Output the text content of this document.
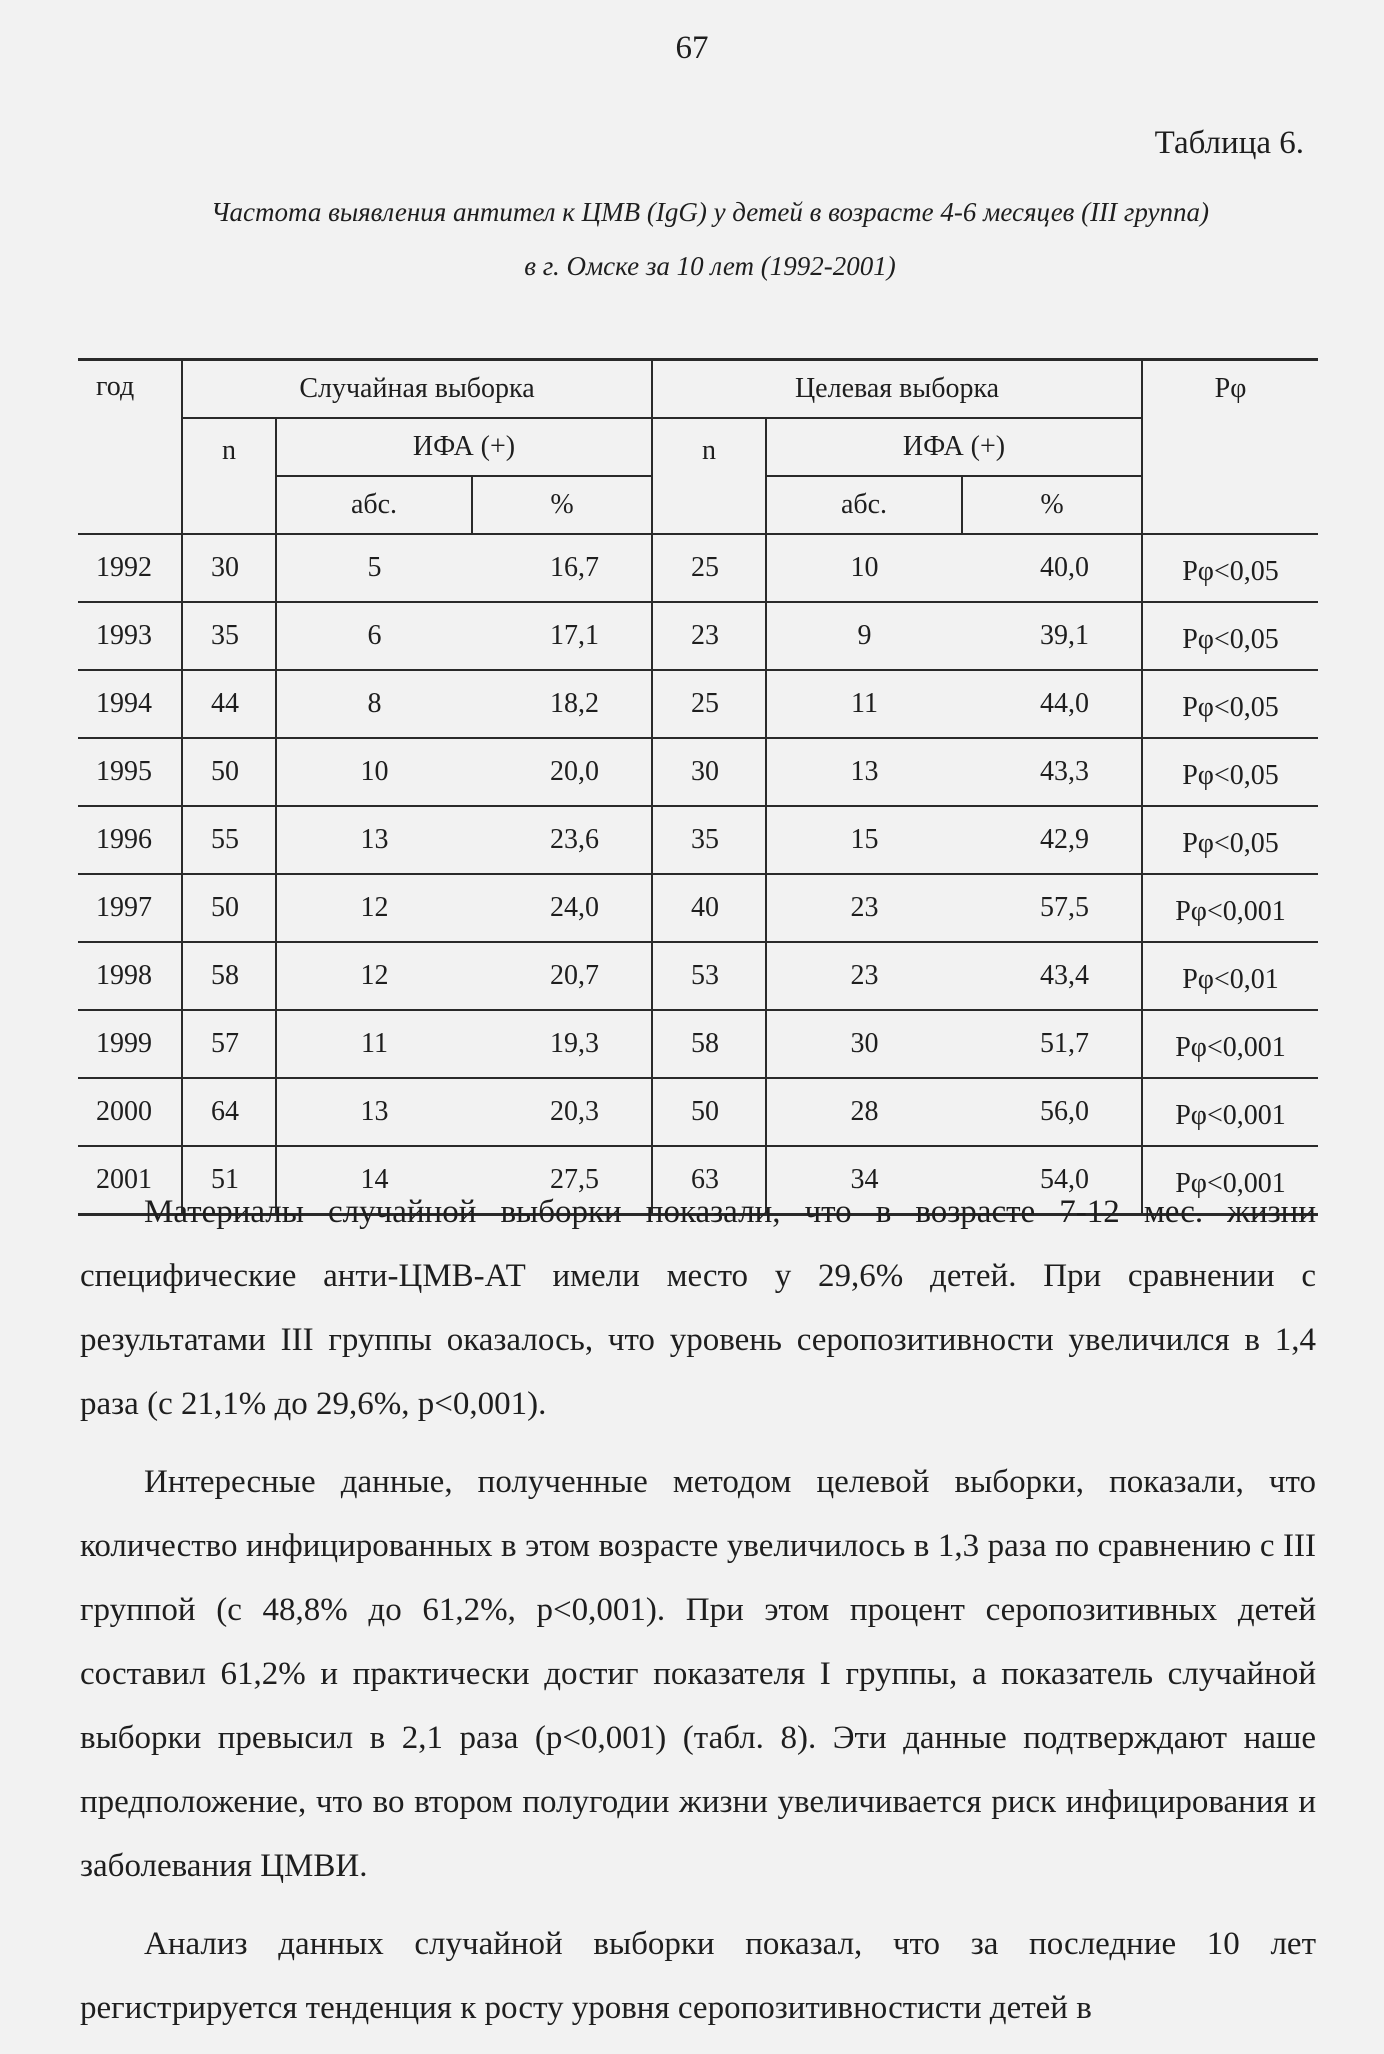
67
Таблица 6.
Частота выявления антител к ЦМВ (IgG) у детей в возрасте 4-6 месяцев (III группа)
в г. Омске за 10 лет (1992-2001)
год	Случайная выборка			Целевая выборка			Рφ
	n	ИФА (+)		n	ИФА (+)		
		абс.	%		абс.	%	
1992	30	5	16,7	25	10	40,0	Рφ<0,05
1993	35	6	17,1	23	9	39,1	Рφ<0,05
1994	44	8	18,2	25	11	44,0	Рφ<0,05
1995	50	10	20,0	30	13	43,3	Рφ<0,05
1996	55	13	23,6	35	15	42,9	Рφ<0,05
1997	50	12	24,0	40	23	57,5	Рφ<0,001
1998	58	12	20,7	53	23	43,4	Рφ<0,01
1999	57	11	19,3	58	30	51,7	Рφ<0,001
2000	64	13	20,3	50	28	56,0	Рφ<0,001
2001	51	14	27,5	63	34	54,0	Рφ<0,001

Материалы случайной выборки показали, что в возрасте 7-12 мес. жизни специфические анти-ЦМВ-АТ имели место у 29,6% детей. При сравнении с результатами III группы оказалось, что уровень серопозитивности увеличился в 1,4 раза (с 21,1% до 29,6%, р<0,001).

Интересные данные, полученные методом целевой выборки, показали, что количество инфицированных в этом возрасте увеличилось в 1,3 раза по сравнению с III группой (с 48,8% до 61,2%, р<0,001). При этом процент серопозитивных детей составил 61,2% и практически достиг показателя I группы, а показатель случайной выборки превысил в 2,1 раза (р<0,001) (табл. 8). Эти данные подтверждают наше предположение, что во втором полугодии жизни увеличивается риск инфицирования и заболевания ЦМВИ.

Анализ данных случайной выборки показал, что за последние 10 лет регистрируется тенденция к росту уровня серопозитивностисти детей в
